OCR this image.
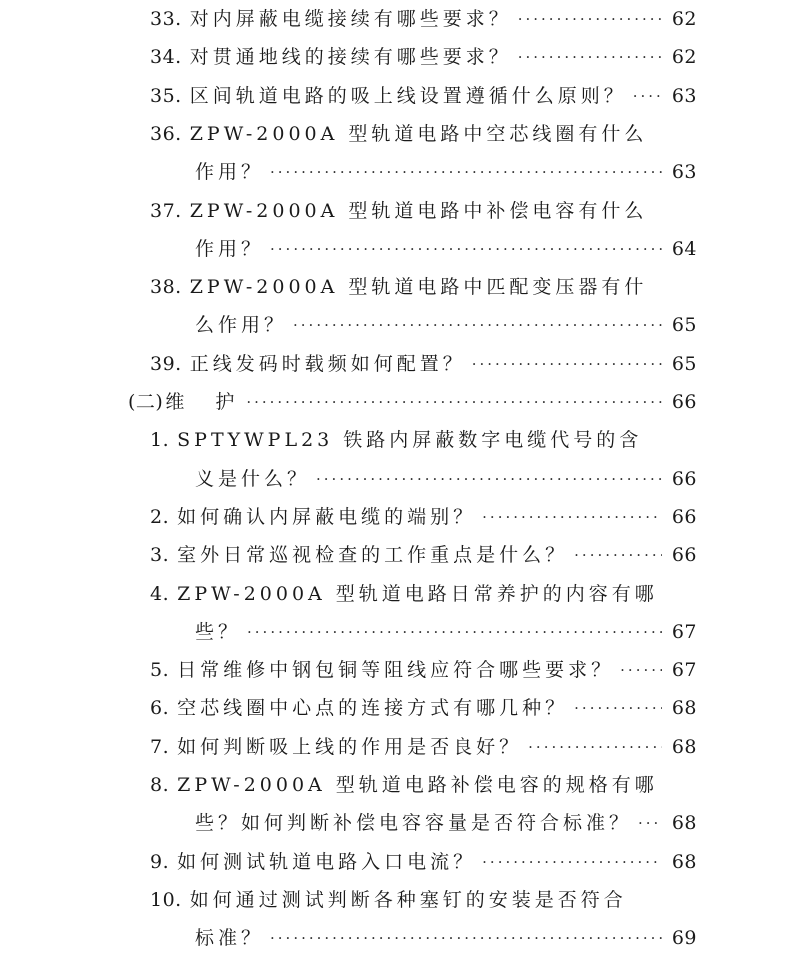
33. 对内屏蔽电缆接续有哪些要求？ ·····	62
34. 对贯通地线的接续有哪些要求？ ·····	62
35. 区间轨道电路的吸上线设置遵循什么原则？ ····· 63
36. ZPW-2000A 型轨道电路中空芯线圈有什么
作用？ ·····	63
37. ZPW-2000A 型轨道电路中补偿电容有什么
作用？ ·····	64
38. ZPW-2000A 型轨道电路中匹配变压器有什
么作用？ ·····	65
39. 正线发码时载频如何配置？ ·····	65
(二) 维　护 ·····	66
1. SPTYWPL23 铁路内屏蔽数字电缆代号的含
义是什么？ ·····	66
2. 如何确认内屏蔽电缆的端别？ ·····	66
3. 室外日常巡视检查的工作重点是什么？ ·····	66
4. ZPW-2000A 型轨道电路日常养护的内容有哪
些？ ·····	67
5. 日常维修中钢包铜等阻线应符合哪些要求？ ·····	67
6. 空芯线圈中心点的连接方式有哪几种？ ·····	68
7. 如何判断吸上线的作用是否良好？ ·····	68
8. ZPW-2000A 型轨道电路补偿电容的规格有哪
些？如何判断补偿电容容量是否符合标准？ ····· 68
9. 如何测试轨道电路入口电流？ ·····	68
10. 如何通过测试判断各种塞钉的安装是否符合
标准？ ·····	69
